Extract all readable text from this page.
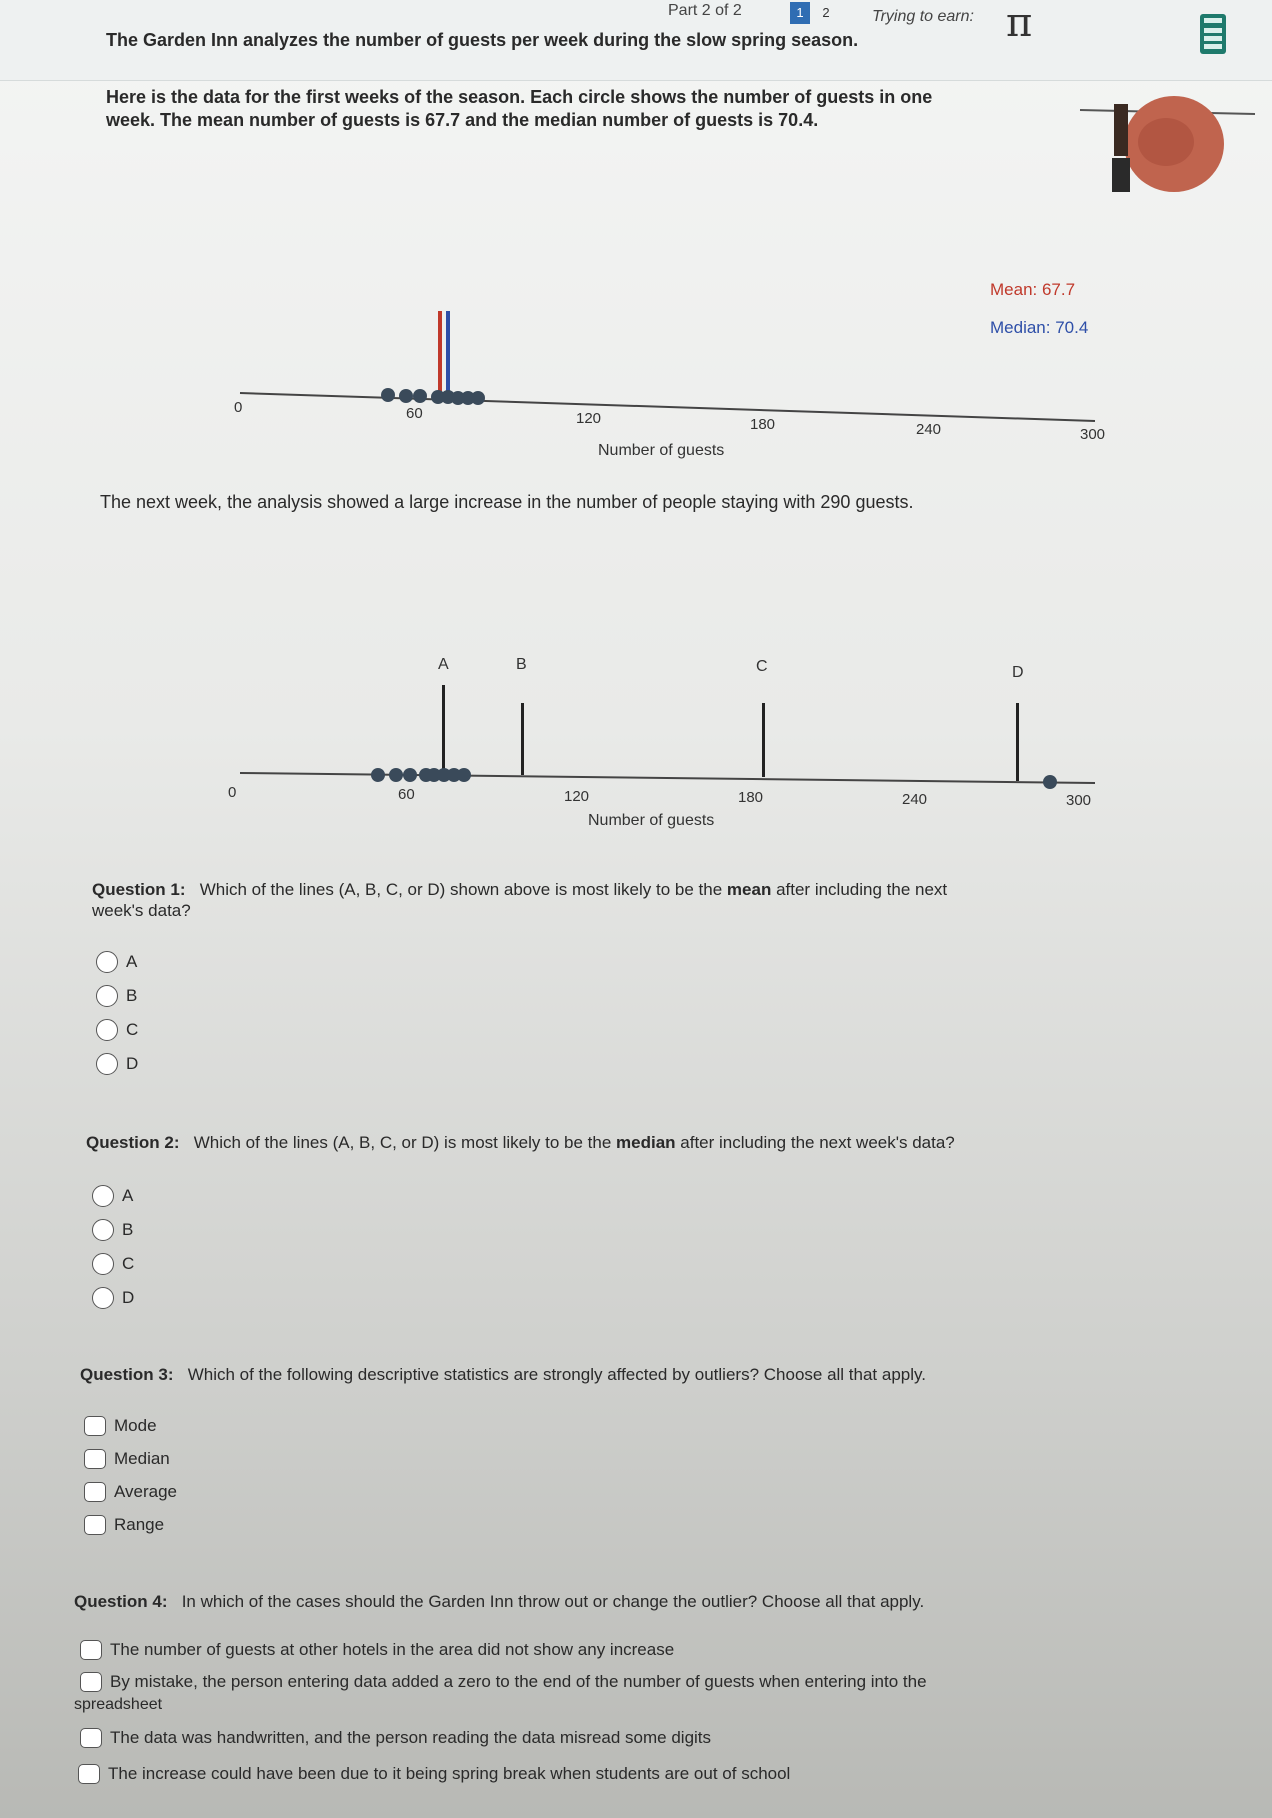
Part 2 of 2	1	2	Trying to earn: π
The Garden Inn analyzes the number of guests per week during the slow spring season.
Here is the data for the first weeks of the season. Each circle shows the number of guests in one
week. The mean number of guests is 67.7 and the median number of guests is 70.4.
Mean: 67.7
Median: 70.4
0	60	120	180	240	300
Number of guests
The next week, the analysis showed a large increase in the number of people staying with 290 guests.
A	B	C	D
0	60	120	180	240	300
Number of guests
Question 1: Which of the lines (A, B, C, or D) shown above is most likely to be the mean after including the next
week's data?
A
B
C
D
Question 2: Which of the lines (A, B, C, or D) is most likely to be the median after including the next week's data?
A
B
C
D
Question 3: Which of the following descriptive statistics are strongly affected by outliers? Choose all that apply.
Mode
Median
Average
Range
Question 4: In which of the cases should the Garden Inn throw out or change the outlier? Choose all that apply.
The number of guests at other hotels in the area did not show any increase
By mistake, the person entering data added a zero to the end of the number of guests when entering into the
spreadsheet
The data was handwritten, and the person reading the data misread some digits
The increase could have been due to it being spring break when students are out of school
